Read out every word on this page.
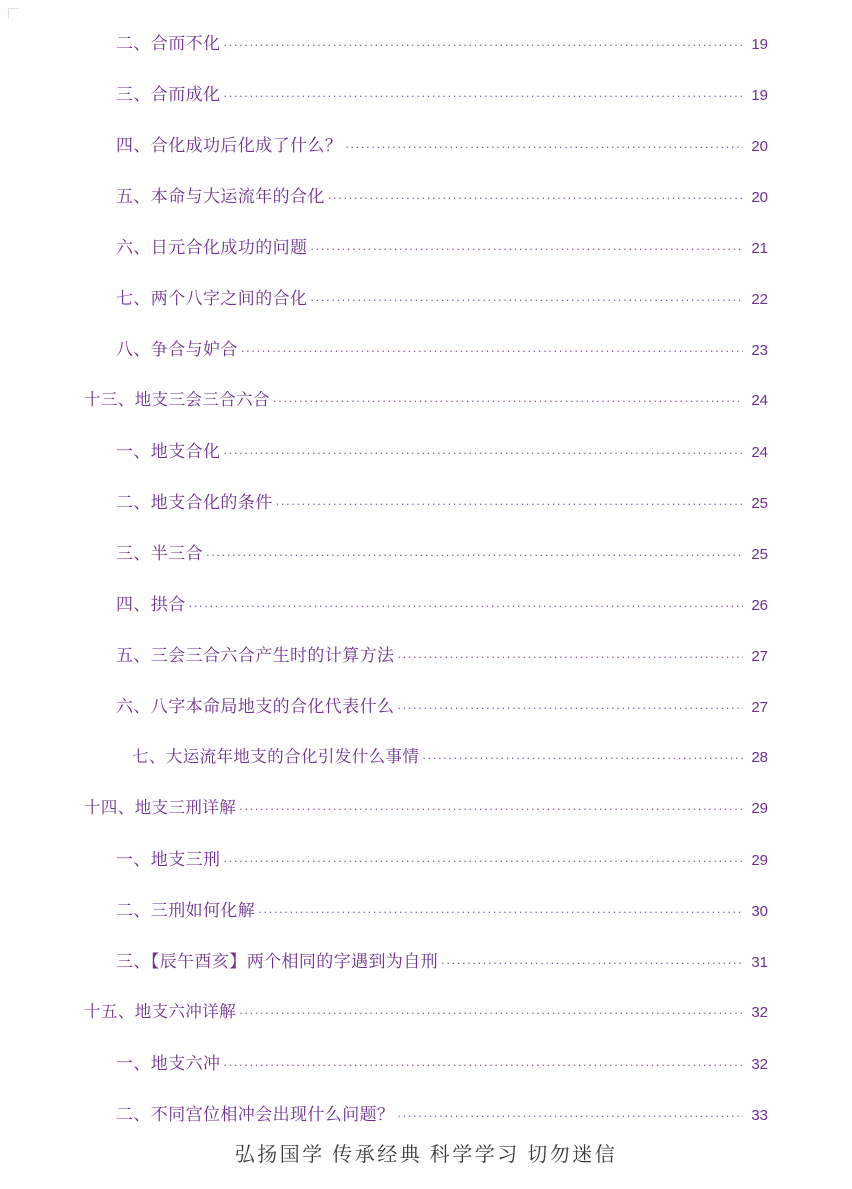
二、合而不化 .....	19
三、合而成化 .....	19
四、合化成功后化成了什么？ .....	20
五、本命与大运流年的合化 .....	20
六、日元合化成功的问题 .....	21
七、两个八字之间的合化 .....	22
八、争合与妒合 .....	23
十三、地支三会三合六合 .....	24
一、地支合化 .....	24
二、地支合化的条件 .....	25
三、半三合 .....	25
四、拱合 .....	26
五、三会三合六合产生时的计算方法 .....	27
六、八字本命局地支的合化代表什么 .....	27
七、大运流年地支的合化引发什么事情 .....	28
十四、地支三刑详解 .....	29
一、地支三刑 .....	29
二、三刑如何化解 .....	30
三、【辰午酉亥】两个相同的字遇到为自刑 .....	31
十五、地支六冲详解 .....	32
一、地支六冲 .....	32
二、不同宫位相冲会出现什么问题？ .....	33
弘扬国学 传承经典 科学学习 切勿迷信
